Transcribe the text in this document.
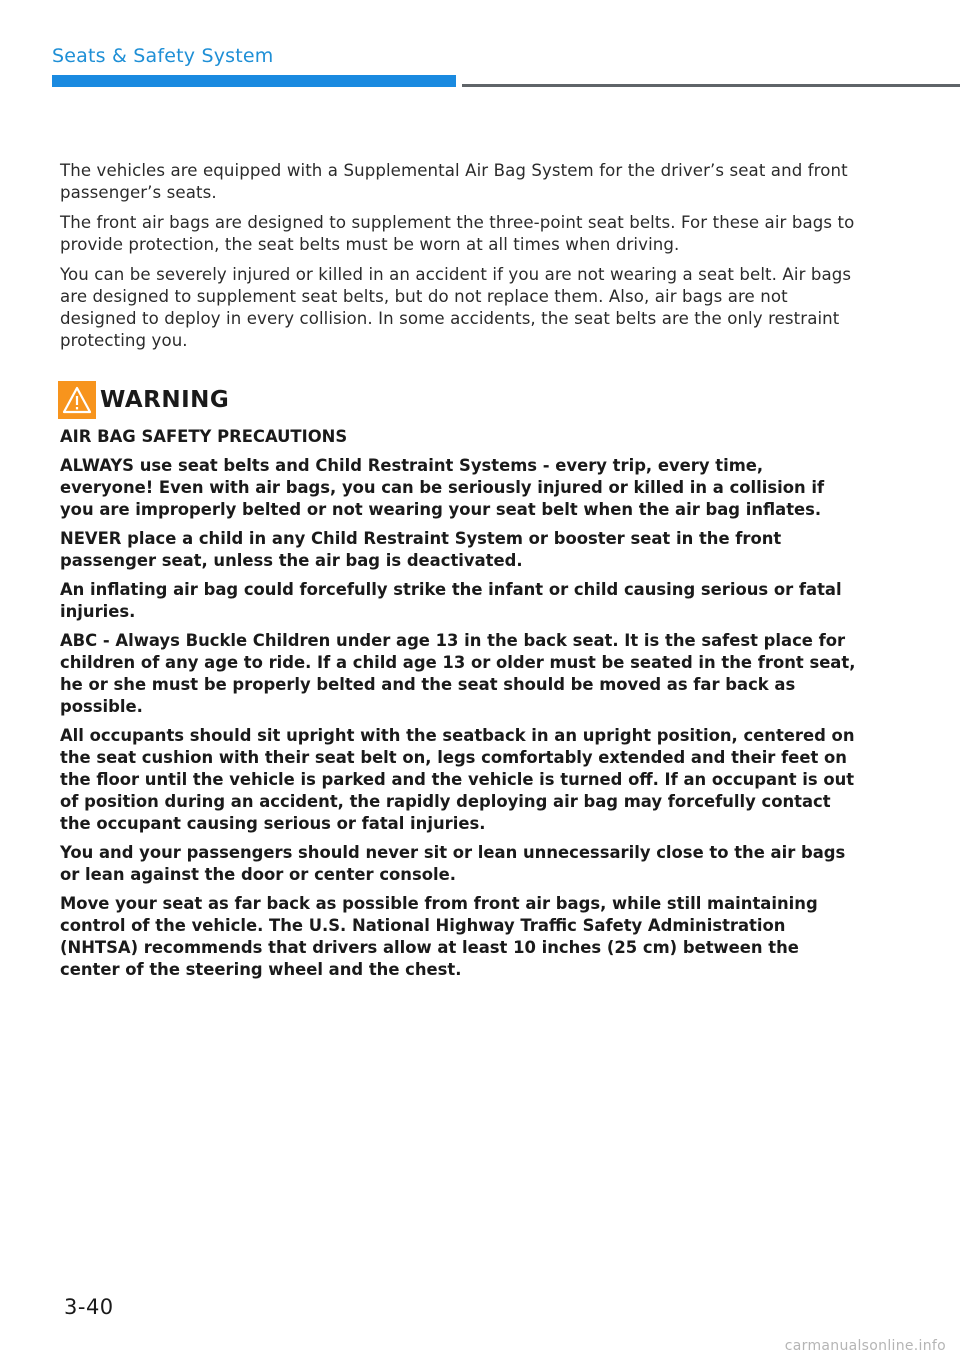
Seats & Safety System

The vehicles are equipped with a Supplemental Air Bag System for the driver’s seat and front passenger’s seats.

The front air bags are designed to supplement the three-point seat belts. For these air bags to provide protection, the seat belts must be worn at all times when driving.

You can be severely injured or killed in an accident if you are not wearing a seat belt. Air bags are designed to supplement seat belts, but do not replace them. Also, air bags are not designed to deploy in every collision. In some accidents, the seat belts are the only restraint protecting you.

WARNING

AIR BAG SAFETY PRECAUTIONS

ALWAYS use seat belts and Child Restraint Systems - every trip, every time, everyone! Even with air bags, you can be seriously injured or killed in a collision if you are improperly belted or not wearing your seat belt when the air bag inflates.

NEVER place a child in any Child Restraint System or booster seat in the front passenger seat, unless the air bag is deactivated.

An inflating air bag could forcefully strike the infant or child causing serious or fatal injuries.

ABC - Always Buckle Children under age 13 in the back seat. It is the safest place for children of any age to ride. If a child age 13 or older must be seated in the front seat, he or she must be properly belted and the seat should be moved as far back as possible.

All occupants should sit upright with the seatback in an upright position, centered on the seat cushion with their seat belt on, legs comfortably extended and their feet on the floor until the vehicle is parked and the vehicle is turned off. If an occupant is out of position during an accident, the rapidly deploying air bag may forcefully contact the occupant causing serious or fatal injuries.

You and your passengers should never sit or lean unnecessarily close to the air bags or lean against the door or center console.

Move your seat as far back as possible from front air bags, while still maintaining control of the vehicle. The U.S. National Highway Traffic Safety Administration (NHTSA) recommends that drivers allow at least 10 inches (25 cm) between the center of the steering wheel and the chest.

3-40
carmanualsonline.info
